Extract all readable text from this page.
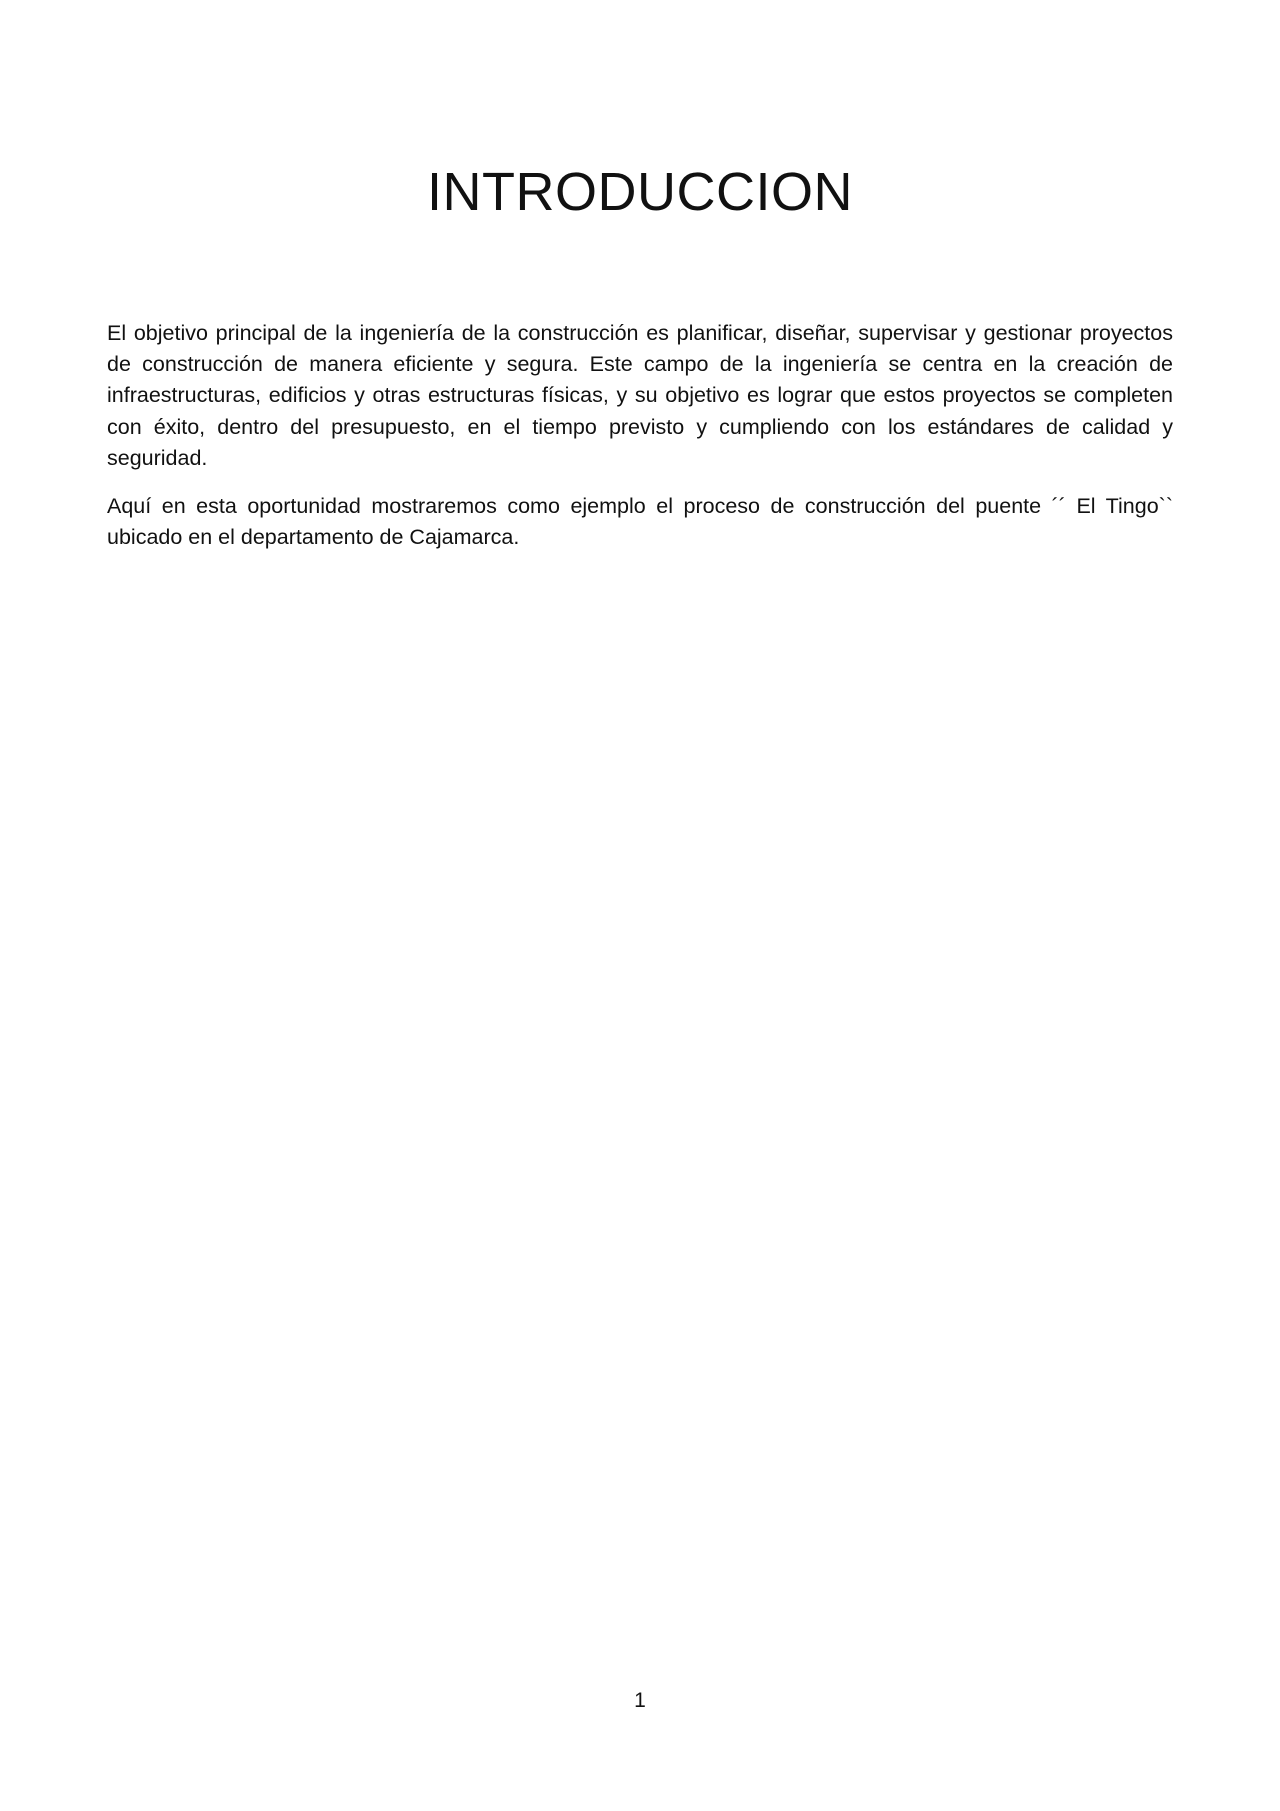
INTRODUCCION

El objetivo principal de la ingeniería de la construcción es planificar, diseñar, supervisar y gestionar proyectos de construcción de manera eficiente y segura. Este campo de la ingeniería se centra en la creación de infraestructuras, edificios y otras estructuras físicas, y su objetivo es lograr que estos proyectos se completen con éxito, dentro del presupuesto, en el tiempo previsto y cumpliendo con los estándares de calidad y seguridad.

Aquí en esta oportunidad mostraremos como ejemplo el proceso de construcción del puente ´´ El Tingo`` ubicado en el departamento de Cajamarca.

1
